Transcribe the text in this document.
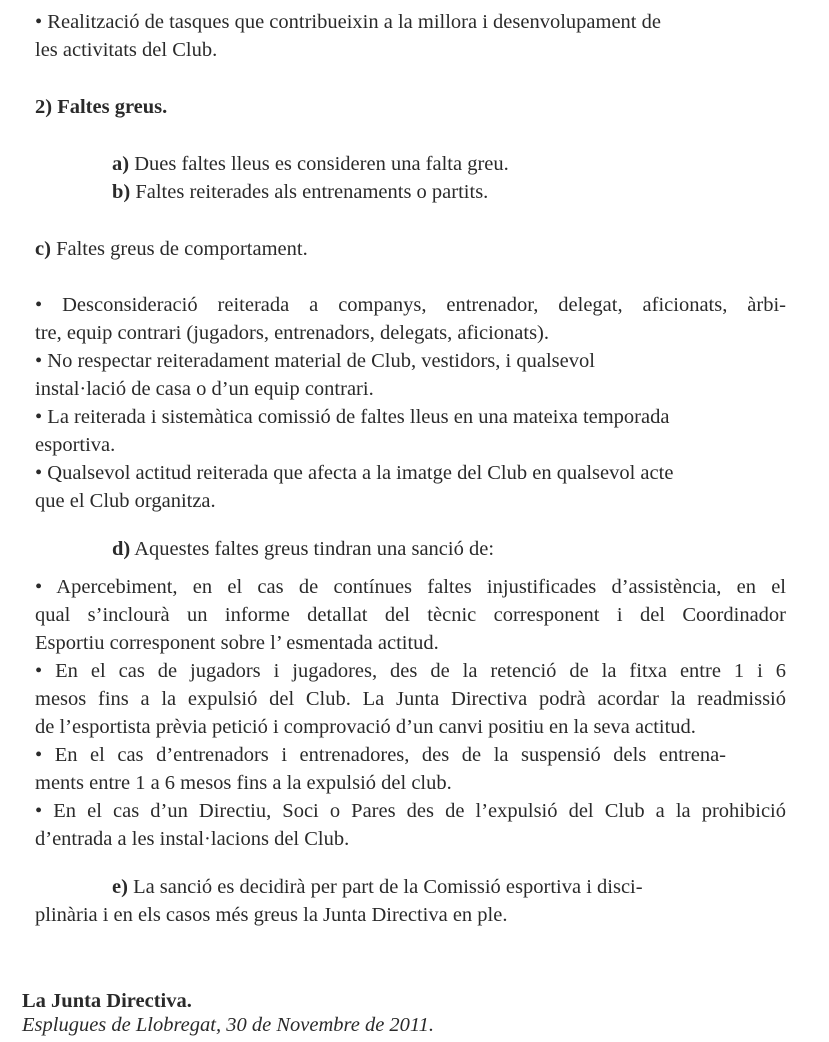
• Realització de tasques que contribueixin a la millora i desenvolupament de
les activitats del Club.
2) Faltes greus.
a) Dues faltes lleus es consideren una falta greu.
b) Faltes reiterades als entrenaments o partits.
c) Faltes greus de comportament.
• Desconsideració reiterada a companys, entrenador, delegat, aficionats, àrbi-
tre, equip contrari (jugadors, entrenadors, delegats, aficionats).
• No respectar reiteradament material de Club, vestidors, i qualsevol
instal·lació de casa o d’un equip contrari.
• La reiterada i sistemàtica comissió de faltes lleus en una mateixa temporada
esportiva.
• Qualsevol actitud reiterada que afecta a la imatge del Club en qualsevol acte
que el Club organitza.
d) Aquestes faltes greus tindran una sanció de:
• Apercebiment, en el cas de contínues faltes injustificades d’assistència, en el
qual s’inclourà un informe detallat del tècnic corresponent i del Coordinador
Esportiu corresponent sobre l’ esmentada actitud.
• En el cas de jugadors i jugadores, des de la retenció de la fitxa entre 1 i 6
mesos fins a la expulsió del Club. La Junta Directiva podrà acordar la readmissió
de l’esportista prèvia petició i comprovació d’un canvi positiu en la seva actitud.
• En el cas d’entrenadors i entrenadores, des de la suspensió dels entrena-
ments entre 1 a 6 mesos fins a la expulsió del club.
• En el cas d’un Directiu, Soci o Pares des de l’expulsió del Club a la prohibició
d’entrada a les instal·lacions del Club.
e) La sanció es decidirà per part de la Comissió esportiva i disci-
plinària i en els casos més greus la Junta Directiva en ple.
La Junta Directiva.
Esplugues de Llobregat, 30 de Novembre de 2011.
